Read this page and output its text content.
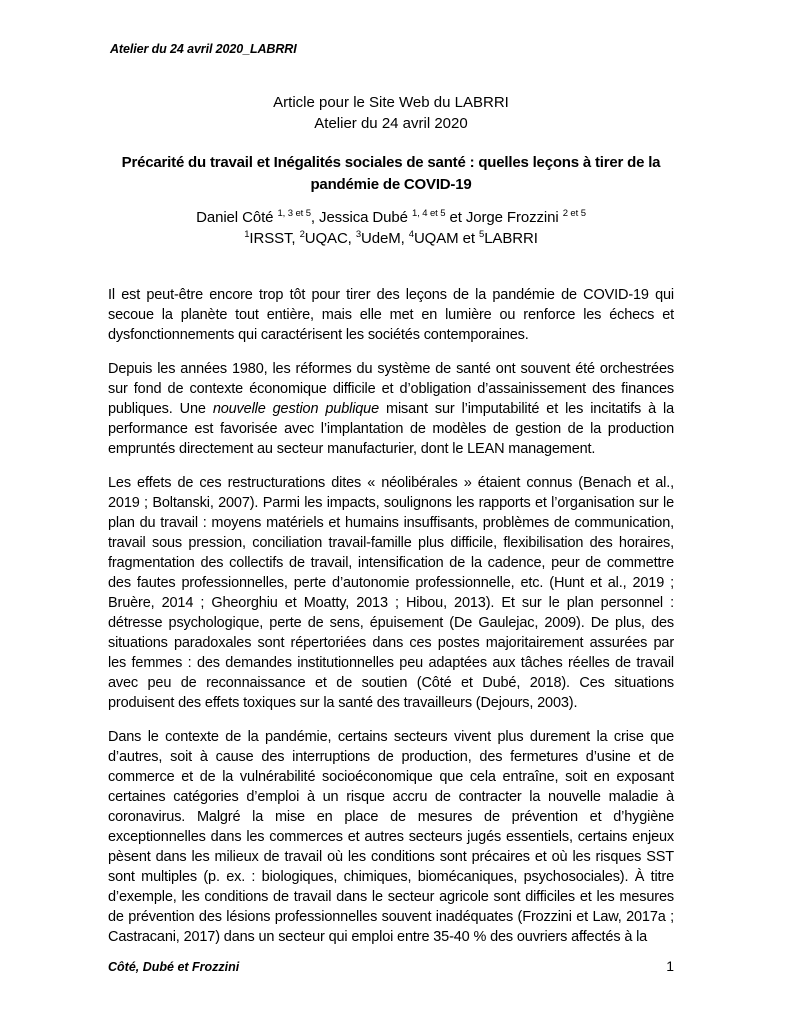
Atelier du 24 avril 2020_LABRRI

Article pour le Site Web du LABRRI

Atelier du 24 avril 2020

Précarité du travail et Inégalités sociales de santé : quelles leçons à tirer de la pandémie de COVID-19

Daniel Côté $^{1, 3 et 5}$, Jessica Dubé $^{1, 4 et 5}$ et Jorge Frozzini $^{2 et 5}$

$^1$IRSST, $^2$UQAC, $^3$UdeM, $^4$UQAM et $^5$LABRRI

Il est peut-être encore trop tôt pour tirer des leçons de la pandémie de COVID-19 qui secoue la planète tout entière, mais elle met en lumière ou renforce les échecs et dysfonctionnements qui caractérisent les sociétés contemporaines.

Depuis les années 1980, les réformes du système de santé ont souvent été orchestrées sur fond de contexte économique difficile et d’obligation d’assainissement des finances publiques. Une nouvelle gestion publique misant sur l’imputabilité et les incitatifs à la performance est favorisée avec l’implantation de modèles de gestion de la production empruntés directement au secteur manufacturier, dont le LEAN management.

Les effets de ces restructurations dites « néolibérales » étaient connus (Benach et al., 2019 ; Boltanski, 2007). Parmi les impacts, soulignons les rapports et l’organisation sur le plan du travail : moyens matériels et humains insuffisants, problèmes de communication, travail sous pression, conciliation travail-famille plus difficile, flexibilisation des horaires, fragmentation des collectifs de travail, intensification de la cadence, peur de commettre des fautes professionnelles, perte d’autonomie professionnelle, etc. (Hunt et al., 2019 ; Bruère, 2014 ; Gheorghiu et Moatty, 2013 ; Hibou, 2013). Et sur le plan personnel : détresse psychologique, perte de sens, épuisement (De Gaulejac, 2009). De plus, des situations paradoxales sont répertoriées dans ces postes majoritairement assurées par les femmes : des demandes institutionnelles peu adaptées aux tâches réelles de travail avec peu de reconnaissance et de soutien (Côté et Dubé, 2018). Ces situations produisent des effets toxiques sur la santé des travailleurs (Dejours, 2003).

Dans le contexte de la pandémie, certains secteurs vivent plus durement la crise que d’autres, soit à cause des interruptions de production, des fermetures d’usine et de commerce et de la vulnérabilité socioéconomique que cela entraîne, soit en exposant certaines catégories d’emploi à un risque accru de contracter la nouvelle maladie à coronavirus. Malgré la mise en place de mesures de prévention et d’hygiène exceptionnelles dans les commerces et autres secteurs jugés essentiels, certains enjeux pèsent dans les milieux de travail où les conditions sont précaires et où les risques SST sont multiples (p. ex. : biologiques, chimiques, biomécaniques, psychosociales). À titre d’exemple, les conditions de travail dans le secteur agricole sont difficiles et les mesures de prévention des lésions professionnelles souvent inadéquates (Frozzini et Law, 2017a ; Castracani, 2017) dans un secteur qui emploi entre 35-40 % des ouvriers affectés à la

Côté, Dubé et Frozzini	1
